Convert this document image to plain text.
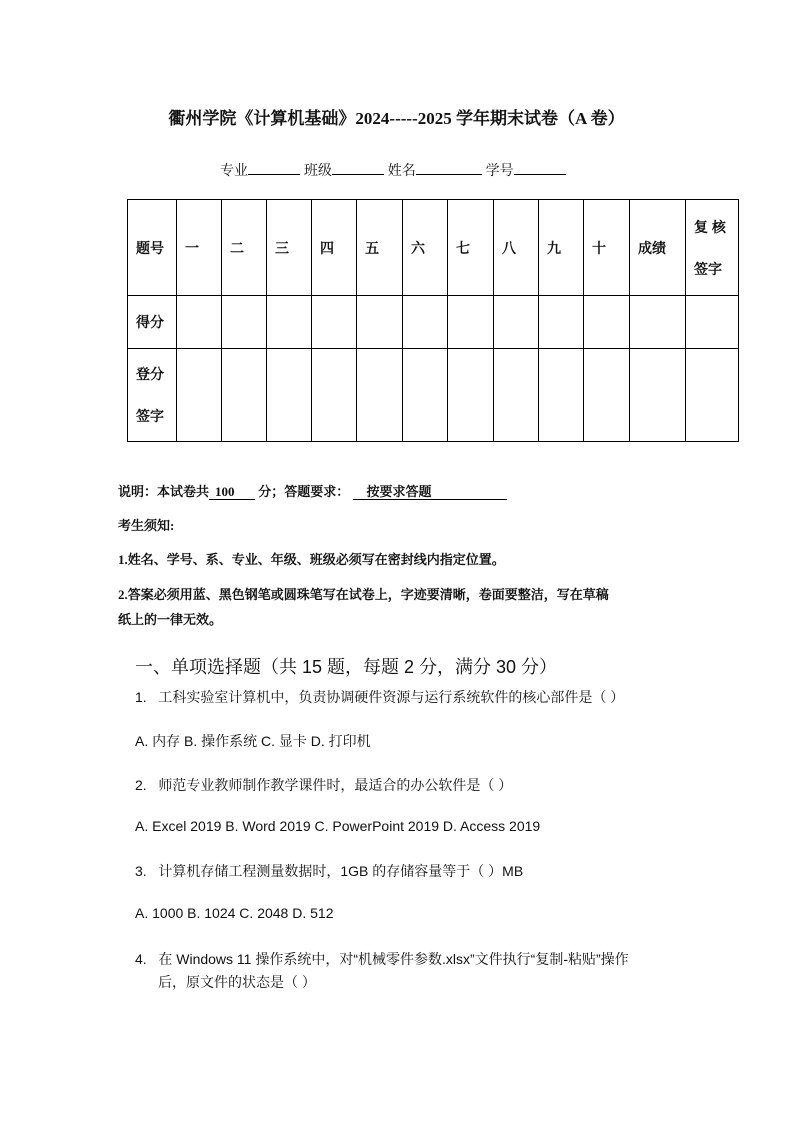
衢州学院《计算机基础》2024-----2025 学年期末试卷（A 卷）
专业	班级	姓名	学号
题号	一	二	三	四	五	六	七	八	九	十	成绩	复 核 签字
得分												
登分 签字												
说明：本试卷共 100 分；答题要求： 按要求答题
考生须知:
1.姓名、学号、系、专业、年级、班级必须写在密封线内指定位置。
2.答案必须用蓝、黑色钢笔或圆珠笔写在试卷上，字迹要清晰，卷面要整洁，写在草稿
纸上的一律无效。
一、单项选择题（共 15 题，每题 2 分，满分 30 分）
1. 工科实验室计算机中，负责协调硬件资源与运行系统软件的核心部件是（ ）
A. 内存 B. 操作系统 C. 显卡 D. 打印机
2. 师范专业教师制作教学课件时，最适合的办公软件是（ ）
A. Excel 2019 B. Word 2019 C. PowerPoint 2019 D. Access 2019
3. 计算机存储工程测量数据时，1GB 的存储容量等于（ ）MB
A. 1000 B. 1024 C. 2048 D. 512
4. 在 Windows 11 操作系统中，对“机械零件参数.xlsx”文件执行“复制-粘贴”操作
后，原文件的状态是（ ）
